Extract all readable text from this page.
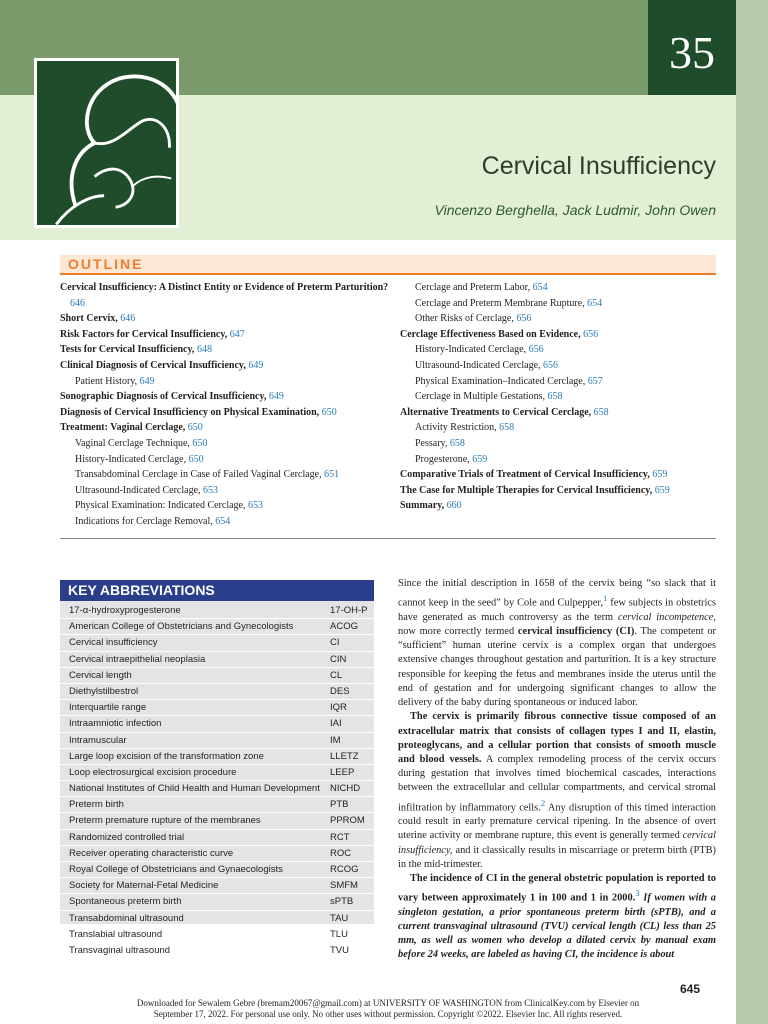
35
Cervical Insufficiency
Vincenzo Berghella, Jack Ludmir, John Owen
OUTLINE
Cervical Insufficiency: A Distinct Entity or Evidence of Preterm Parturition? 646
Short Cervix, 646
Risk Factors for Cervical Insufficiency, 647
Tests for Cervical Insufficiency, 648
Clinical Diagnosis of Cervical Insufficiency, 649
Patient History, 649
Sonographic Diagnosis of Cervical Insufficiency, 649
Diagnosis of Cervical Insufficiency on Physical Examination, 650
Treatment: Vaginal Cerclage, 650
Vaginal Cerclage Technique, 650
History-Indicated Cerclage, 650
Transabdominal Cerclage in Case of Failed Vaginal Cerclage, 651
Ultrasound-Indicated Cerclage, 653
Physical Examination: Indicated Cerclage, 653
Indications for Cerclage Removal, 654
Cerclage and Preterm Labor, 654
Cerclage and Preterm Membrane Rupture, 654
Other Risks of Cerclage, 656
Cerclage Effectiveness Based on Evidence, 656
History-Indicated Cerclage, 656
Ultrasound-Indicated Cerclage, 656
Physical Examination–Indicated Cerclage, 657
Cerclage in Multiple Gestations, 658
Alternative Treatments to Cervical Cerclage, 658
Activity Restriction, 658
Pessary, 658
Progesterone, 659
Comparative Trials of Treatment of Cervical Insufficiency, 659
The Case for Multiple Therapies for Cervical Insufficiency, 659
Summary, 660
KEY ABBREVIATIONS
17-α-hydroxyprogesterone	17-OH-P
American College of Obstetricians and Gynecologists	ACOG
Cervical insufficiency	CI
Cervical intraepithelial neoplasia	CIN
Cervical length	CL
Diethylstilbestrol	DES
Interquartile range	IQR
Intraamniotic infection	IAI
Intramuscular	IM
Large loop excision of the transformation zone	LLETZ
Loop electrosurgical excision procedure	LEEP
National Institutes of Child Health and Human Development NICHD
Preterm birth	PTB
Preterm premature rupture of the membranes	PPROM
Randomized controlled trial	RCT
Receiver operating characteristic curve	ROC
Royal College of Obstetricians and Gynaecologists	RCOG
Society for Maternal-Fetal Medicine	SMFM
Spontaneous preterm birth	sPTB
Transabdominal ultrasound	TAU
Translabial ultrasound	TLU
Transvaginal ultrasound	TVU

Since the initial description in 1658 of the cervix being “so slack that it cannot keep in the seed” by Cole and Culpepper,$^1$ few subjects in obstetrics have generated as much controversy as the term cervical incompetence, now more correctly termed cervical insufficiency (CI). The competent or “sufficient” human uterine cervix is a complex organ that undergoes extensive changes throughout gestation and parturition. It is a key structure responsible for keeping the fetus and membranes inside the uterus until the end of gestation and for undergoing significant changes to allow the delivery of the baby during spontaneous or induced labor.

The cervix is primarily fibrous connective tissue composed of an extracellular matrix that consists of collagen types I and II, elastin, proteoglycans, and a cellular portion that consists of smooth muscle and blood vessels. A complex remodeling process of the cervix occurs during gestation that involves timed biochemical cascades, interactions between the extracellular and cellular compartments, and cervical stromal infiltration by inflammatory cells.$^2$ Any disruption of this timed interaction could result in early premature cervical ripening. In the absence of overt uterine activity or membrane rupture, this event is generally termed cervical insufficiency, and it classically results in miscarriage or preterm birth (PTB) in the mid-trimester.

The incidence of CI in the general obstetric population is reported to vary between approximately 1 in 100 and 1 in 2000.$^3$ If women with a singleton gestation, a prior spontaneous preterm birth (sPTB), and a current transvaginal ultrasound (TVU) cervical length (CL) less than 25 mm, as well as women who develop a dilated cervix by manual exam before 24 weeks, are labeled as having CI, the incidence is about

645
Downloaded for Sewalem Gebre (bremam20067@gmail.com) at UNIVERSITY OF WASHINGTON from ClinicalKey.com by Elsevier on
September 17, 2022. For personal use only. No other uses without permission. Copyright ©2022. Elsevier Inc. All rights reserved.
